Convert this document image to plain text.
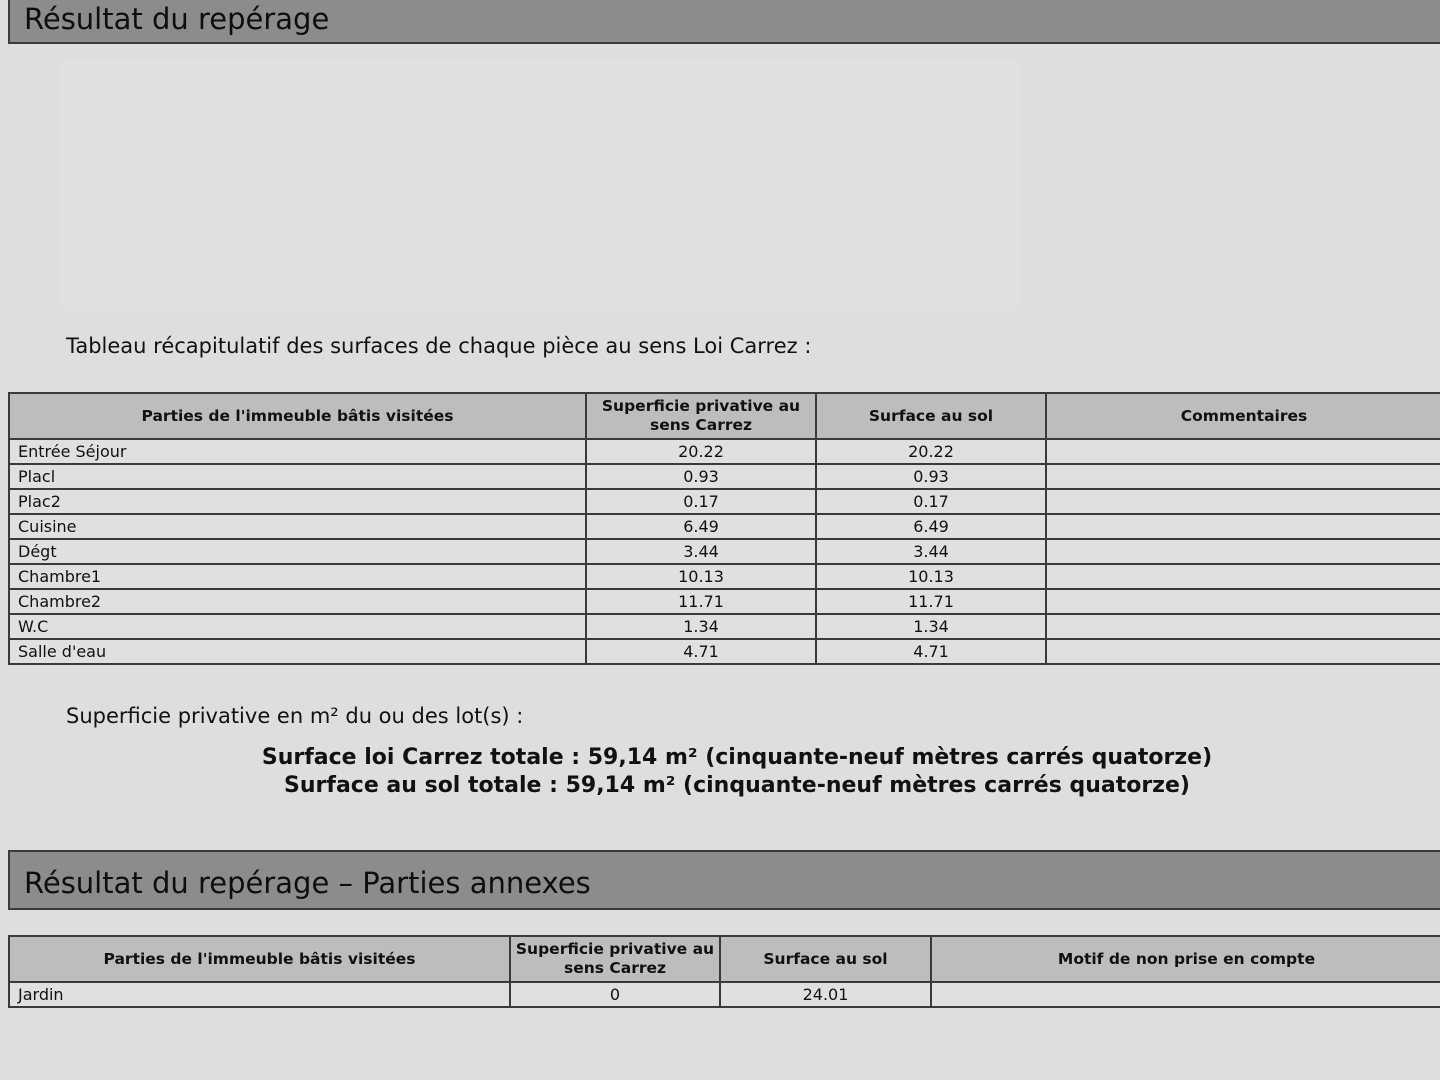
Résultat du repérage
Tableau récapitulatif des surfaces de chaque pièce au sens Loi Carrez :
Parties de l'immeuble bâtis visitées	Superficie privative au sens Carrez	Surface au sol	Commentaires
Entrée Séjour	20.22	20.22	
Placl	0.93	0.93	
Plac2	0.17	0.17	
Cuisine	6.49	6.49	
Dégt	3.44	3.44	
Chambre1	10.13	10.13	
Chambre2	11.71	11.71	
W.C	1.34	1.34	
Salle d'eau	4.71	4.71	
Superficie privative en m² du ou des lot(s) :
Surface loi Carrez totale : 59,14 m² (cinquante-neuf mètres carrés quatorze)
Surface au sol totale : 59,14 m² (cinquante-neuf mètres carrés quatorze)
Résultat du repérage – Parties annexes
Parties de l'immeuble bâtis visitées	Superficie privative au sens Carrez	Surface au sol	Motif de non prise en compte
Jardin	0	24.01	
